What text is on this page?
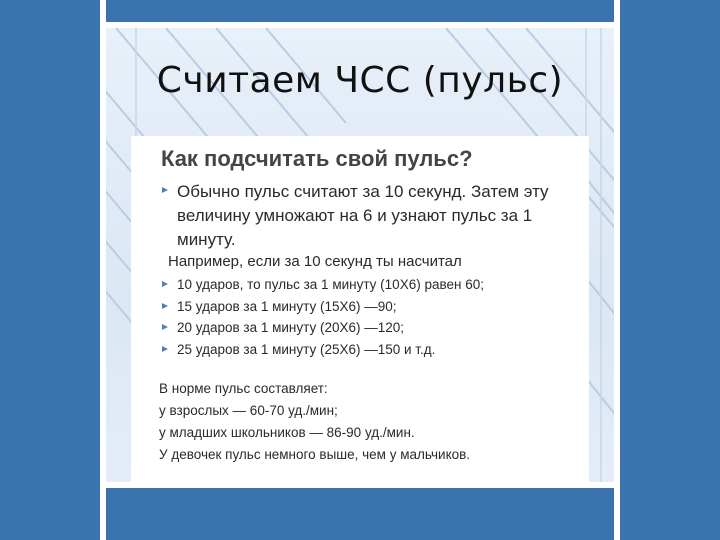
Считаем ЧСС (пульс)
Как подсчитать свой пульс?
Обычно пульс считают за 10 секунд. Затем эту величину умножают на 6 и узнают пульс за 1 минуту.

Например, если за 10 секунд ты насчитал

10 ударов, то пульс за 1 минуту (10Х6) равен 60;
15 ударов за 1 минуту (15Х6) —90;
20 ударов за 1 минуту (20Х6) —120;
25 ударов за 1 минуту (25Х6) —150 и т.д.

В норме пульс составляет:

у взрослых — 60-70 уд./мин;

у младших школьников — 86-90 уд./мин.

У девочек пульс немного выше, чем у мальчиков.
